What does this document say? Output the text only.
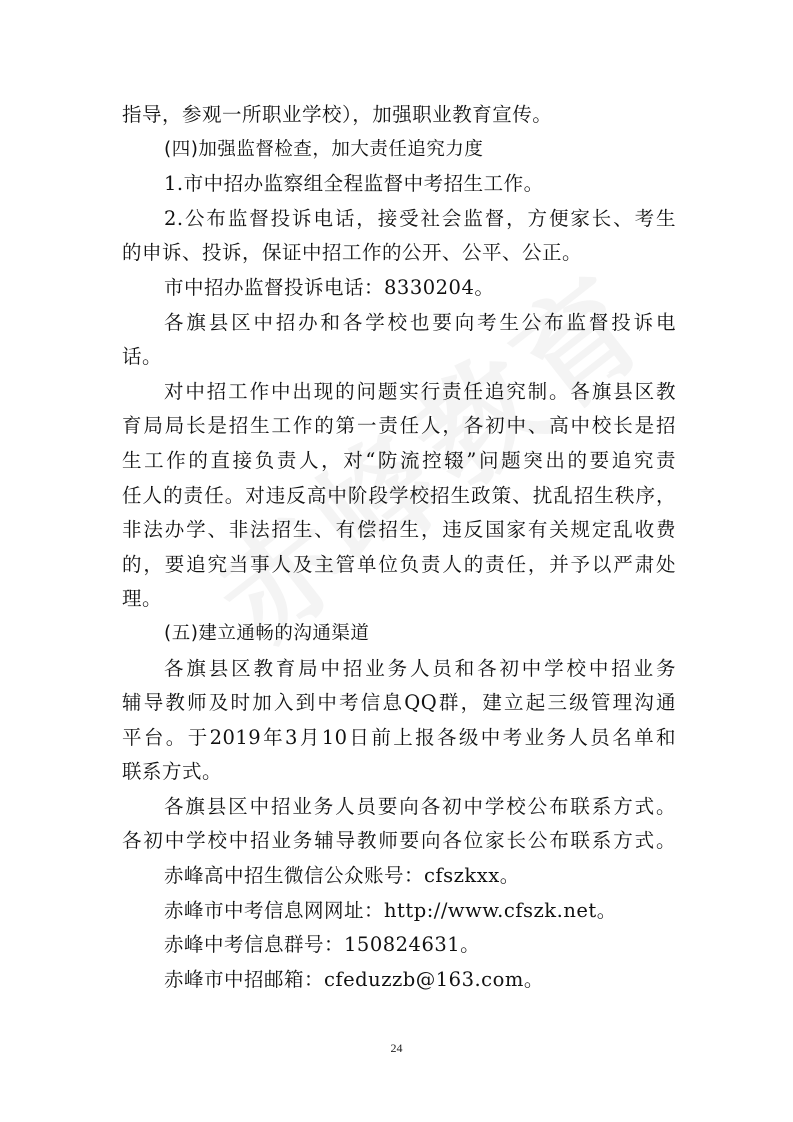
指导，参观一所职业学校），加强职业教育宣传。
(四)加强监督检查，加大责任追究力度
1.市中招办监察组全程监督中考招生工作。
2.公布监督投诉电话，接受社会监督，方便家长、考生
的申诉、投诉，保证中招工作的公开、公平、公正。
市中招办监督投诉电话：8330204。
各旗县区中招办和各学校也要向考生公布监督投诉电
话。
对中招工作中出现的问题实行责任追究制。各旗县区教
育局局长是招生工作的第一责任人，各初中、高中校长是招
生工作的直接负责人，对“防流控辍”问题突出的要追究责
任人的责任。对违反高中阶段学校招生政策、扰乱招生秩序，
非法办学、非法招生、有偿招生，违反国家有关规定乱收费
的，要追究当事人及主管单位负责人的责任，并予以严肃处
理。
(五)建立通畅的沟通渠道
各旗县区教育局中招业务人员和各初中学校中招业务
辅导教师及时加入到中考信息QQ群，建立起三级管理沟通
平台。于2019年3月10日前上报各级中考业务人员名单和
联系方式。
各旗县区中招业务人员要向各初中学校公布联系方式。
各初中学校中招业务辅导教师要向各位家长公布联系方式。
赤峰高中招生微信公众账号：cfszkxx。
赤峰市中考信息网网址：http://www.cfszk.net。
赤峰中考信息群号：150824631。
赤峰市中招邮箱：cfeduzzb@163.com。
24
